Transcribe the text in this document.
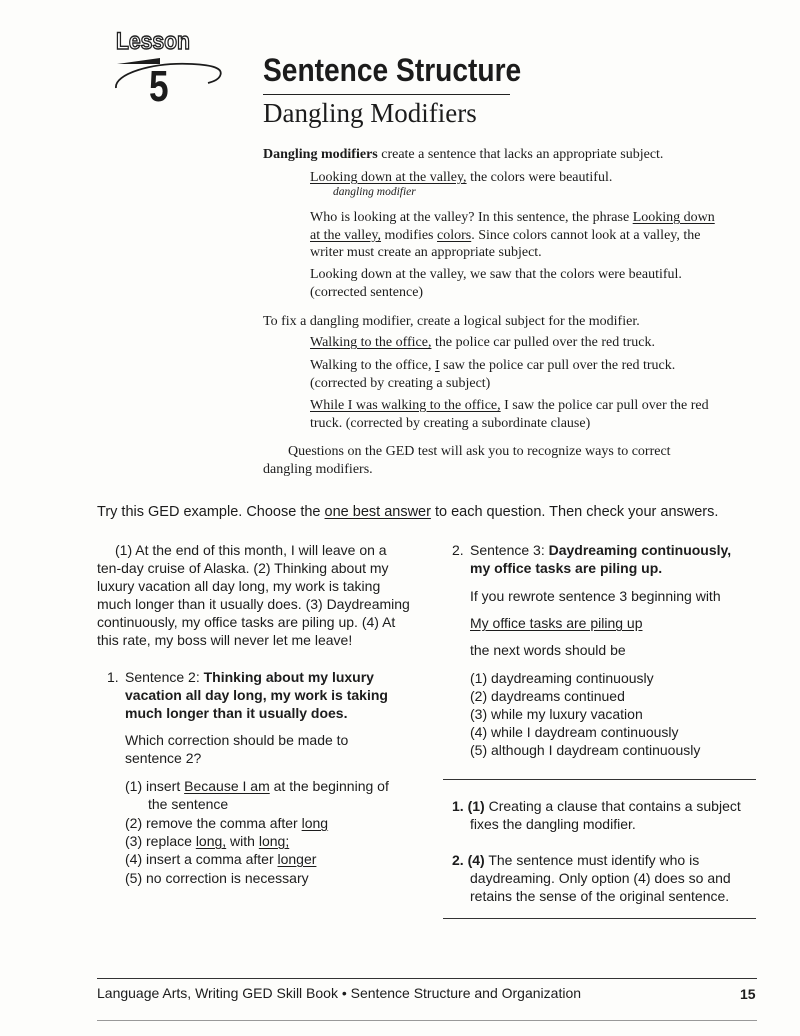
Lesson
5	Sentence Structure
Dangling Modifiers
Dangling modifiers create a sentence that lacks an appropriate subject.
Looking down at the valley, the colors were beautiful.
dangling modifier
Who is looking at the valley? In this sentence, the phrase Looking down
at the valley, modifies colors. Since colors cannot look at a valley, the
writer must create an appropriate subject.
Looking down at the valley, we saw that the colors were beautiful.
(corrected sentence)
To fix a dangling modifier, create a logical subject for the modifier.
Walking to the office, the police car pulled over the red truck.
Walking to the office, I saw the police car pull over the red truck.
(corrected by creating a subject)
While I was walking to the office, I saw the police car pull over the red
truck. (corrected by creating a subordinate clause)
Questions on the GED test will ask you to recognize ways to correct
dangling modifiers.
Try this GED example. Choose the one best answer to each question. Then check your answers.
(1) At the end of this month, I will leave on a
ten-day cruise of Alaska. (2) Thinking about my
luxury vacation all day long, my work is taking
much longer than it usually does. (3) Daydreaming
continuously, my office tasks are piling up. (4) At
this rate, my boss will never let me leave!
1. Sentence 2: Thinking about my luxury
vacation all day long, my work is taking
much longer than it usually does.
Which correction should be made to
sentence 2?
(1) insert Because I am at the beginning of
the sentence
(2) remove the comma after long
(3) replace long, with long;
(4) insert a comma after longer
(5) no correction is necessary
2. Sentence 3: Daydreaming continuously,
my office tasks are piling up.
If you rewrote sentence 3 beginning with
My office tasks are piling up
the next words should be
(1) daydreaming continuously
(2) daydreams continued
(3) while my luxury vacation
(4) while I daydream continuously
(5) although I daydream continuously
1. (1) Creating a clause that contains a subject
fixes the dangling modifier.
2. (4) The sentence must identify who is
daydreaming. Only option (4) does so and
retains the sense of the original sentence.
Language Arts, Writing GED Skill Book • Sentence Structure and Organization	15
